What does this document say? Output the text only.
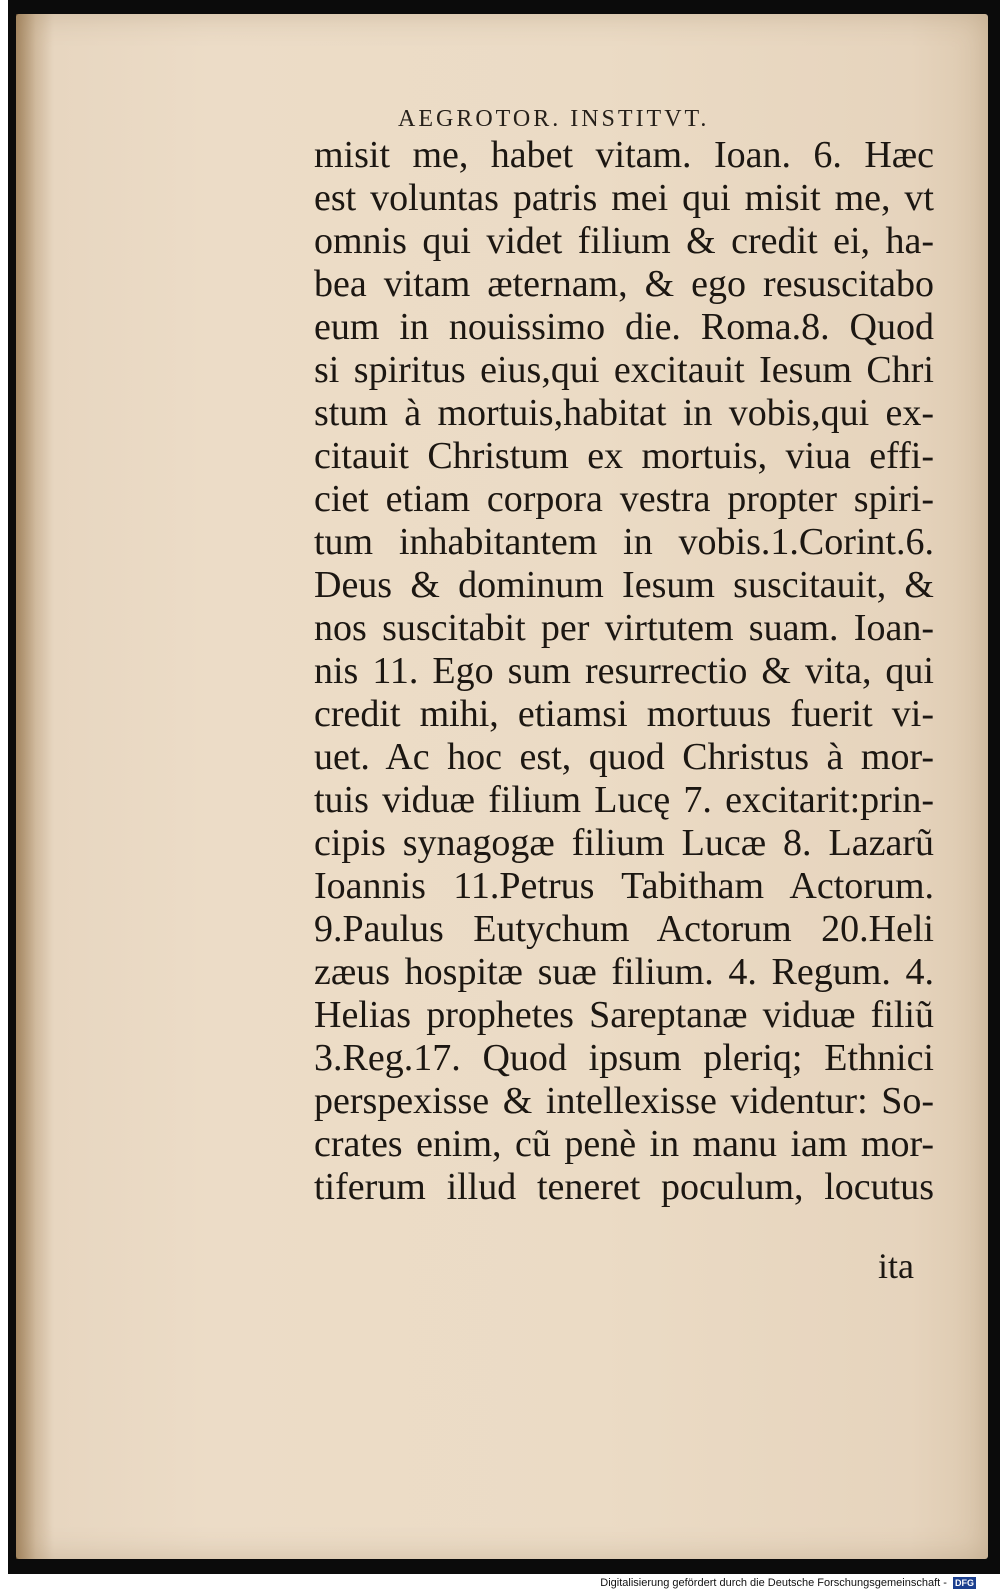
AEGROTOR. INSTITVT.
misit me, habet vitam. Ioan. 6. Hæc
est voluntas patris mei qui misit me, vt
omnis qui videt filium & credit ei, ha-
bea vitam æternam, & ego resuscitabo
eum in nouissimo die. Roma.8. Quod
si spiritus eius,qui excitauit Iesum Chri
stum à mortuis,habitat in vobis,qui ex-
citauit Christum ex mortuis, viua effi-
ciet etiam corpora vestra propter spiri-
tum inhabitantem in vobis.1.Corint.6.
Deus & dominum Iesum suscitauit, &
nos suscitabit per virtutem suam. Ioan-
nis 11. Ego sum resurrectio & vita, qui
credit mihi, etiamsi mortuus fuerit vi-
uet. Ac hoc est, quod Christus à mor-
tuis viduæ filium Lucę 7. excitarit:prin-
cipis synagogæ filium Lucæ 8. Lazarũ
Ioannis 11.Petrus Tabitham Actorum.
9.Paulus Eutychum Actorum 20.Heli
zæus hospitæ suæ filium. 4. Regum. 4.
Helias prophetes Sareptanæ viduæ filiũ
3.Reg.17. Quod ipsum pleriq; Ethnici
perspexisse & intellexisse videntur: So-
crates enim, cũ penè in manu iam mor-
tiferum illud teneret poculum, locutus
ita
Digitalisierung gefördert durch die Deutsche Forschungsgemeinschaft - DFG
